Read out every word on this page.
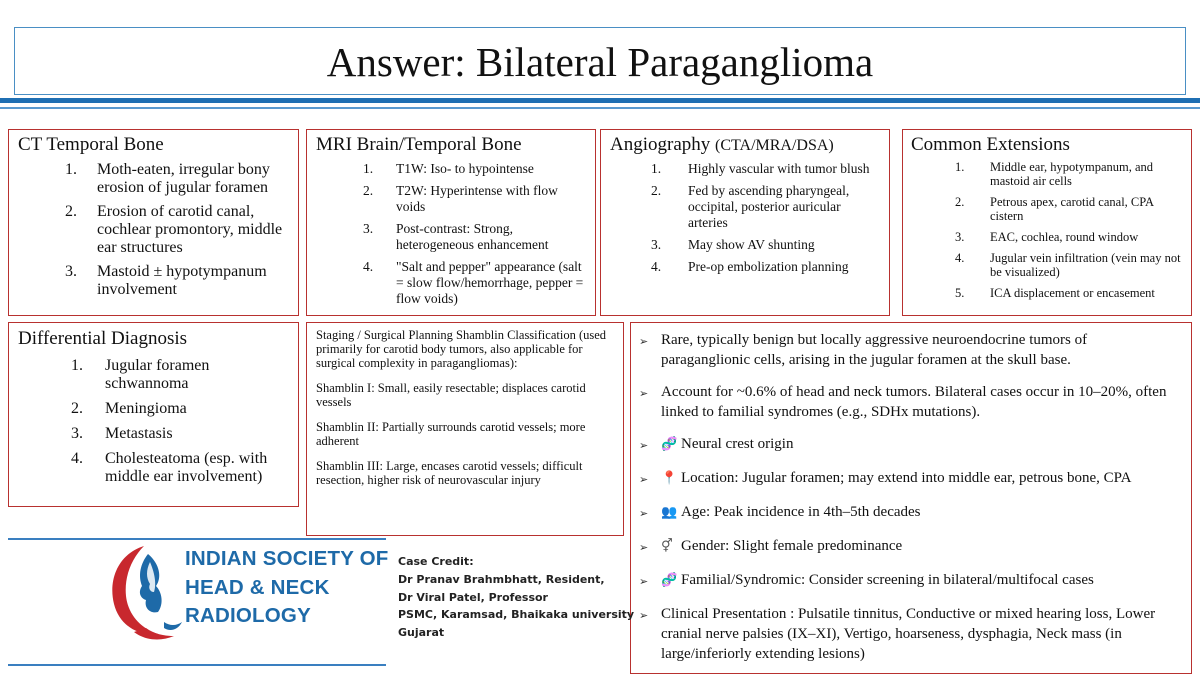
Answer: Bilateral Paraganglioma
CT Temporal Bone
1.	Moth-eaten, irregular bony erosion of jugular foramen
2.	Erosion of carotid canal, cochlear promontory, middle ear structures
3.	Mastoid ± hypotympanum involvement
MRI Brain/Temporal Bone
1.	T1W: Iso- to hypointense
2.	T2W: Hyperintense with flow voids
3.	Post-contrast: Strong, heterogeneous enhancement
4.	"Salt and pepper" appearance (salt = slow flow/hemorrhage, pepper = flow voids)
Angiography (CTA/MRA/DSA)
1.	Highly vascular with tumor blush
2.	Fed by ascending pharyngeal, occipital, posterior auricular arteries
3.	May show AV shunting
4.	Pre-op embolization planning
Common Extensions
1.	Middle ear, hypotympanum, and mastoid air cells
2.	Petrous apex, carotid canal, CPA cistern
3.	EAC, cochlea, round window
4.	Jugular vein infiltration (vein may not be visualized)
5.	ICA displacement or encasement
Differential Diagnosis
1.	Jugular foramen schwannoma
2.	Meningioma
3.	Metastasis
4.	Cholesteatoma (esp. with middle ear involvement)

Staging / Surgical Planning Shamblin Classification (used primarily for carotid body tumors, also applicable for surgical complexity in paragangliomas):

Shamblin I: Small, easily resectable; displaces carotid vessels

Shamblin II: Partially surrounds carotid vessels; more adherent

Shamblin III: Large, encases carotid vessels; difficult resection, higher risk of neurovascular injury

➢ Rare, typically benign but locally aggressive neuroendocrine tumors of paraganglionic cells, arising in the jugular foramen at the skull base.
➢ Account for ~0.6% of head and neck tumors. Bilateral cases occur in 10–20%, often linked to familial syndromes (e.g., SDHx mutations).
➢ 🧬 Neural crest origin
➢ 📍 Location: Jugular foramen; may extend into middle ear, petrous bone, CPA
➢ 👥 Age: Peak incidence in 4th–5th decades
➢ ⚥ Gender: Slight female predominance
➢ 🧬 Familial/Syndromic: Consider screening in bilateral/multifocal cases
➢ Clinical Presentation : Pulsatile tinnitus, Conductive or mixed hearing loss, Lower cranial nerve palsies (IX–XI), Vertigo, hoarseness, dysphagia, Neck mass (in large/inferiorly extending lesions)
INDIAN SOCIETY OF
HEAD & NECK
RADIOLOGY
Case Credit:
Dr Pranav Brahmbhatt, Resident,
Dr Viral Patel, Professor
PSMC, Karamsad, Bhaikaka university
Gujarat
